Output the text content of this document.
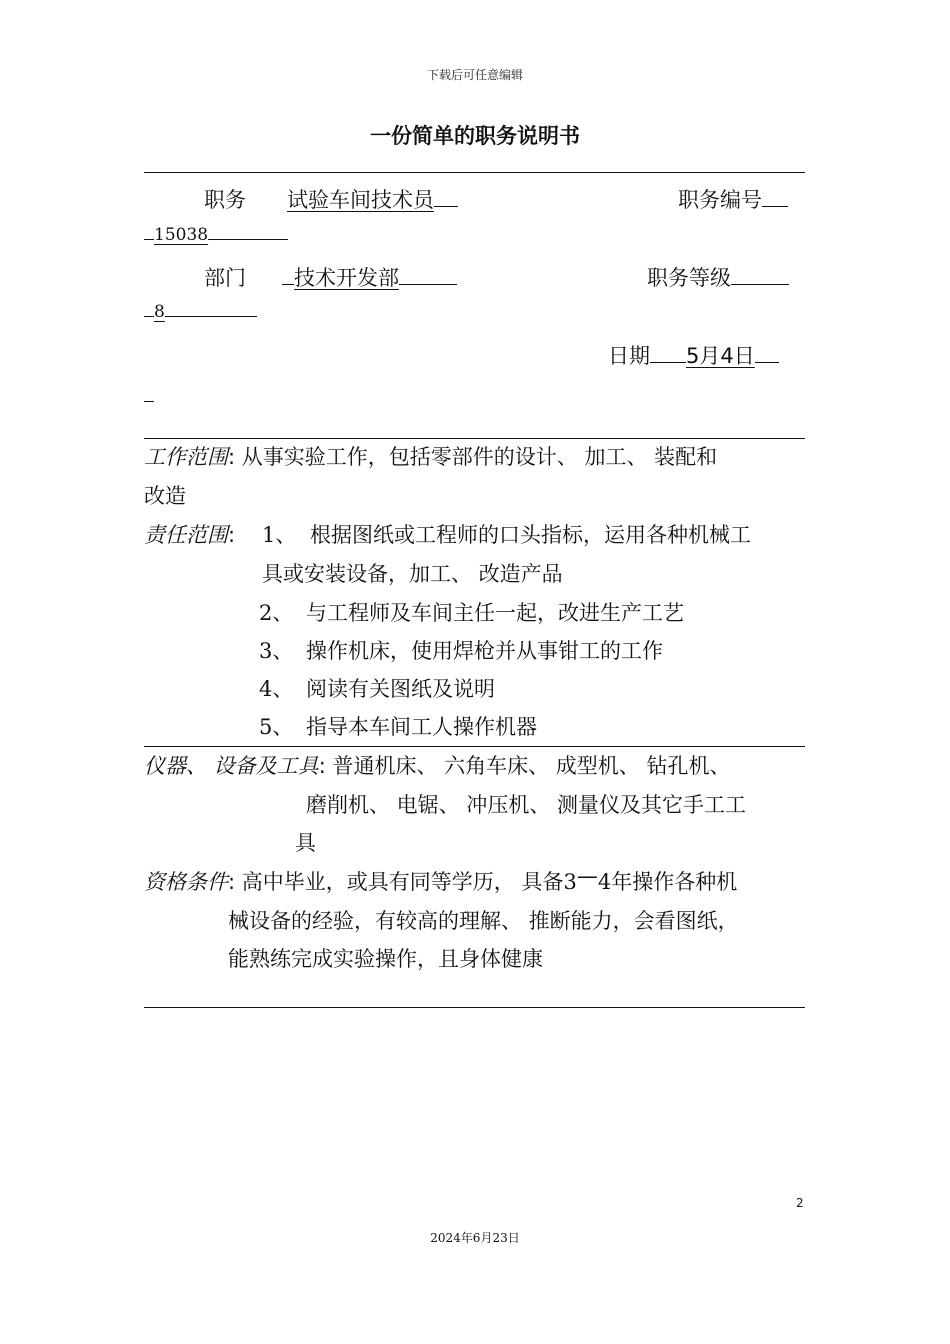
下载后可任意编辑
一份简单的职务说明书
职务 试验车间技术员	职务编号
15038
部门	技术开发部	职务等级
8
日期 5月4日
工作范围: 从事实验工作，包括零部件的设计、 加工、 装配和
改造
责任范围: 1、 根据图纸或工程师的口头指标，运用各种机械工
具或安装设备，加工、 改造产品
2、 与工程师及车间主任一起，改进生产工艺
3、 操作机床，使用焊枪并从事钳工的工作
4、 阅读有关图纸及说明
5、 指导本车间工人操作机器
仪器、 设备及工具: 普通机床、 六角车床、 成型机、 钻孔机、
磨削机、 电锯、 冲压机、 测量仪及其它手工工
具
资格条件: 高中毕业，或具有同等学历， 具备3—4年操作各种机
械设备的经验，有较高的理解、 推断能力，会看图纸，
能熟练完成实验操作，且身体健康
2
2024年6月23日
